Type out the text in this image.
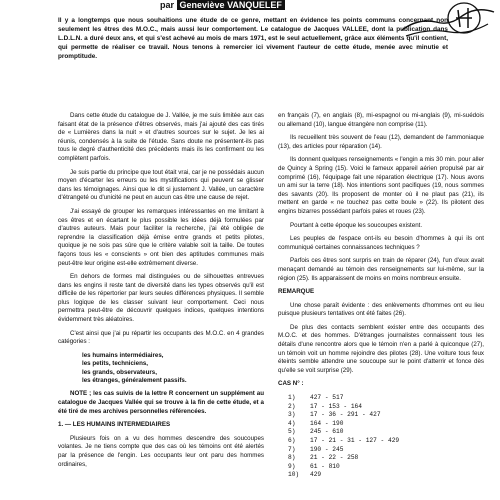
par Geneviève VANQUELEF
Il y a longtemps que nous souhaitions une étude de ce genre, mettant en évidence les points communs concernant non seulement les êtres des M.O.C., mais aussi leur comportement. Le catalogue de Jacques VALLEE, dont la publication dans L.D.L.N. a duré deux ans, et qui s'est achevé au mois de mars 1971, est le seul actuellement, grâce aux éléments qu'il contient, qui permette de réaliser ce travail. Nous tenons à remercier ici vivement l'auteur de cette étude, menée avec minutie et promptitude.

Dans cette étude du catalogue de J. Vallée, je me suis limitée aux cas faisant état de la présence d'êtres observés, mais j'ai ajouté des cas tirés de « Lumières dans la nuit » et d'autres sources sur le sujet. Je les ai réunis, condensés à la suite de l'étude. Sans doute ne présentent-ils pas tous le degré d'authenticité des précédents mais ils les confirment ou les complètent parfois.

Je suis partie du principe que tout était vrai, car je ne possédais aucun moyen d'écarter les erreurs ou les mystifications qui peuvent se glisser dans les témoignages. Ainsi que le dit si justement J. Vallée, un caractère d'étrangeté ou d'unicité ne peut en aucun cas être une cause de rejet.

J'ai essayé de grouper les remarques intéressantes en me limitant à ces êtres et en écartant le plus possible les idées déjà formulées par d'autres auteurs. Mais pour faciliter la recherche, j'ai été obligée de reprendre la classification déjà émise entre grands et petits pilotes, quoique je ne sois pas sûre que le critère valable soit la taille. De toutes façons tous les « conscients » ont bien des aptitudes communes mais peut-être leur origine est-elle extrêmement diverse.

En dehors de formes mal distinguées ou de silhouettes entrevues dans les engins il reste tant de diversité dans les types observés qu'il est difficile de les répertorier par leurs seules différences physiques. Il semble plus logique de les classer suivant leur comportement. Ceci nous permettra peut-être de découvrir quelques indices, quelques intentions évidemment très aléatoires.

C'est ainsi que j'ai pu répartir les occupants des M.O.C. en 4 grandes catégories :

les humains intermédiaires,
les petits, techniciens,
les grands, observateurs,
les étranges, généralement passifs.

NOTE ; les cas suivis de la lettre R concernent un supplément au catalogue de Jacques Vallée qui se trouve à la fin de cette étude, et a été tiré de mes archives personnelles référencées.

1. — LES HUMAINS INTERMEDIAIRES

Plusieurs fois on a vu des hommes descendre des soucoupes volantes. Je ne tiens compte que des cas où les témoins ont été alertés par la présence de l'engin. Les occupants leur ont paru des hommes ordinaires,

en français (7), en anglais (8), mi-espagnol ou mi-anglais (9), mi-suédois ou allemand (10), langue étrangère non comprise (11).

Ils recueillent très souvent de l'eau (12), demandent de l'ammoniaque (13), des articles pour réparation (14).

Ils donnent quelques renseignements « l'engin a mis 30 min. pour aller de Quincy à Spring (15). Voici le fameux appareil aérien propulsé par air comprimé (16), l'équipage fait une réparation électrique (17). Nous avons un ami sur la terre (18). Nos intentions sont pacifiques (19, nous sommes des savants (20). Ils proposent de monter où il ne plaut pas (21), ils mettent en garde « ne touchez pas cette boule » (22). Ils pilotent des engins bizarres possédant parfois pales et roues (23).

Pourtant à cette époque les soucoupes existent.

Les peuples de l'espace ont-ils eu besoin d'hommes à qui ils ont communiqué certaines connaissances techniques ?

Parfois ces êtres sont surpris en train de réparer (24), l'un d'eux avait menaçant demandé au témoin des renseignements sur lui-même, sur la région (25). Ils apparaissent de moins en moins nombreux ensuite.

REMARQUE

Une chose paraît évidente : des enlèvements d'hommes ont eu lieu puisque plusieurs tentatives ont été faites (26).

De plus des contacts semblent exister entre des occupants des M.O.C. et des hommes. D'étranges journalistes connaissent tous les détails d'une rencontre alors que le témoin n'en a parlé à quiconque (27), un témoin voit un homme rejoindre des pilotes (28). Une voiture tous feux éteints semble attendre une soucoupe sur le point d'atterrir et fonce dès qu'elle se voit surprise (29).

CAS N° :

1)	427 - 517
2)	17 - 153 - 164
3)	17 - 36 - 291 - 427
4)	164 - 190
5)	245 - 610
6)	17 - 21 - 31 - 127 - 429
7)	190 - 245
8)	21 - 22 - 258
9)	61 - 810
10)	429
